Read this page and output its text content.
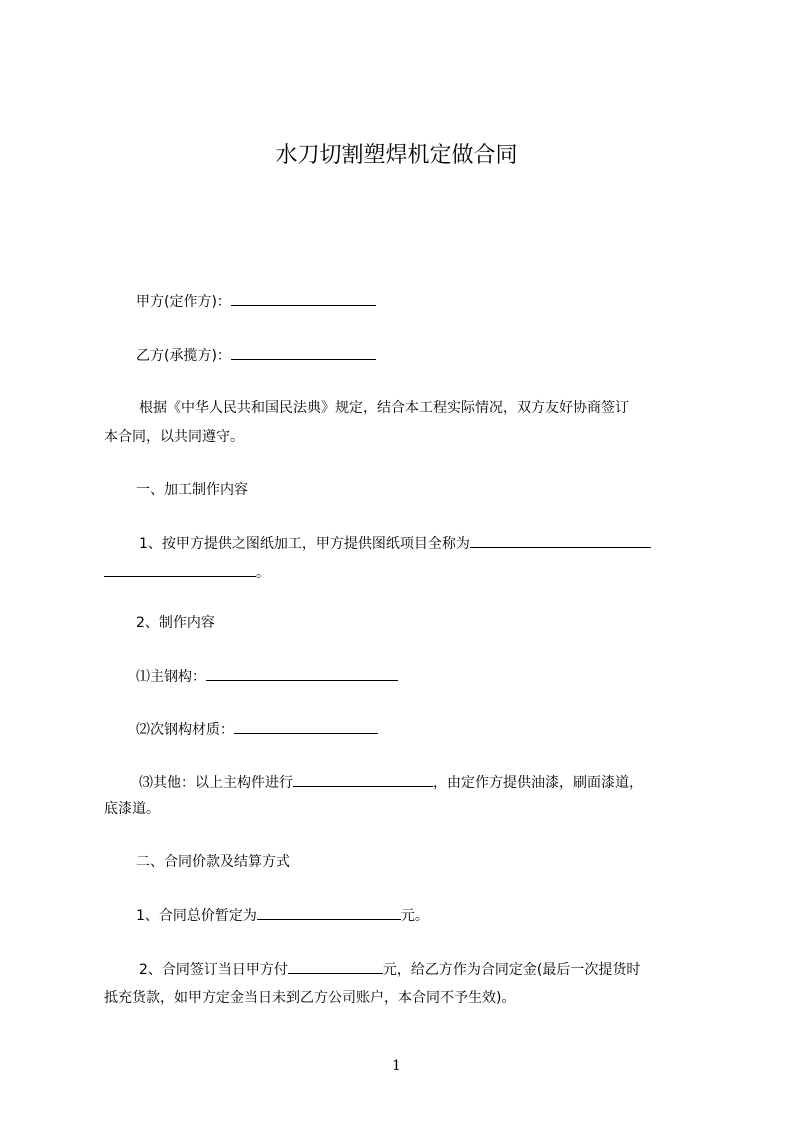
水刀切割塑焊机定做合同
甲方(定作方)：
乙方(承揽方)：
根据《中华人民共和国民法典》规定，结合本工程实际情况，双方友好协商签订
本合同，以共同遵守。
一、加工制作内容
1、按甲方提供之图纸加工，甲方提供图纸项目全称为
。
2、制作内容
⑴主钢构：
⑵次钢构材质：
⑶其他：以上主构件进行	，由定作方提供油漆，刷面漆道，
底漆道。
二、合同价款及结算方式
1、合同总价暂定为	元。
2、合同签订当日甲方付	元，给乙方作为合同定金(最后一次提货时
抵充货款，如甲方定金当日未到乙方公司账户，本合同不予生效)。
1
